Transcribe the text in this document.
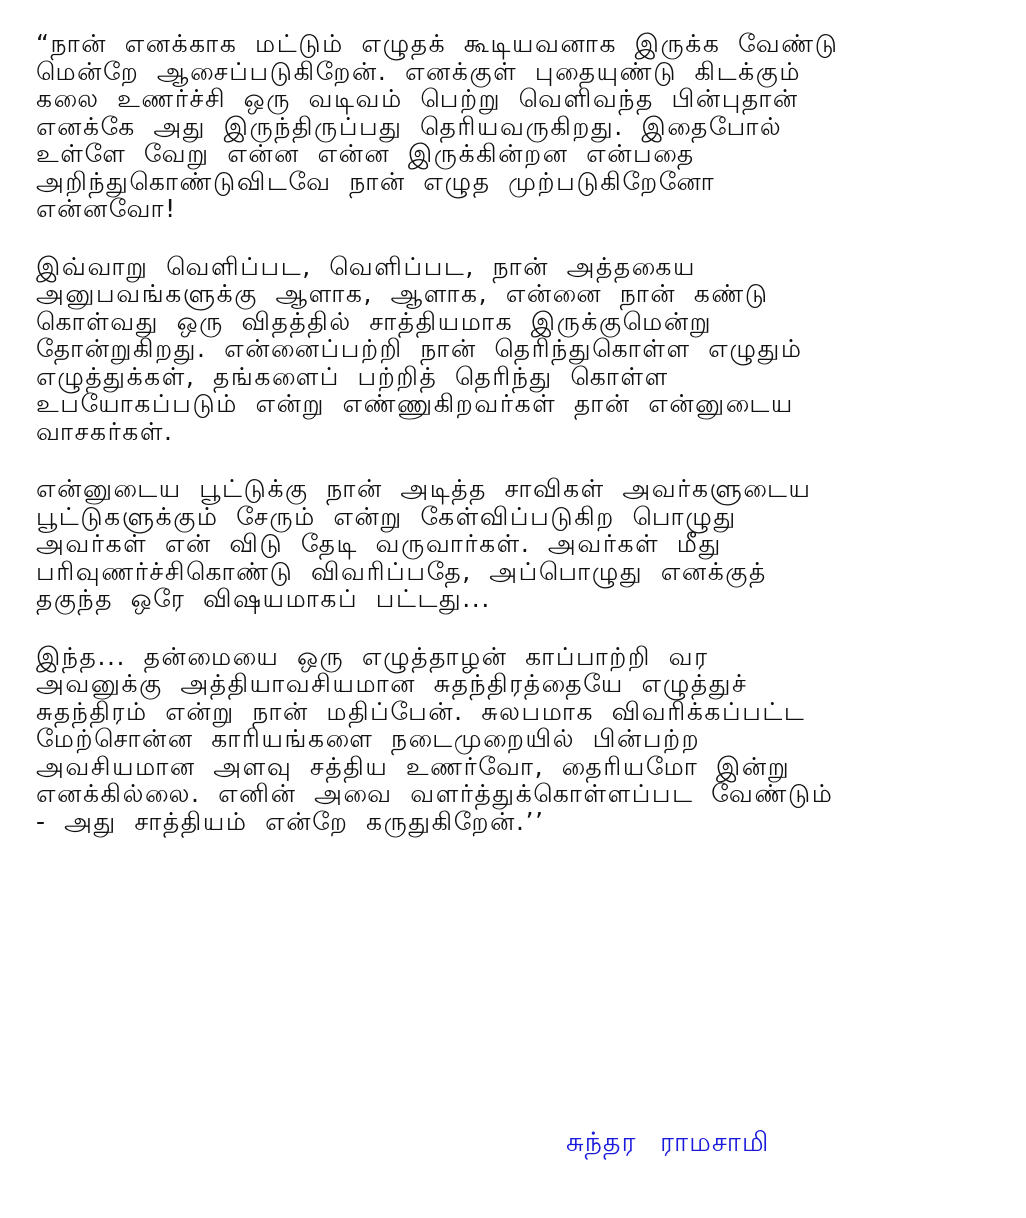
“நான் எனக்காக மட்டும் எழுதக் கூடியவனாக இருக்க வேண்டு
மென்றே ஆசைப்படுகிறேன். எனக்குள் புதையுண்டு கிடக்கும்
கலை உணர்ச்சி ஒரு வடிவம் பெற்று வெளிவந்த பின்புதான்
எனக்கே அது இருந்திருப்பது தெரியவருகிறது. இதைபோல்
உள்ளே வேறு என்ன என்ன இருக்கின்றன என்பதை
அறிந்துகொண்டுவிடவே நான் எழுத முற்படுகிறேனோ
என்னவோ!
இவ்வாறு வெளிப்பட, வெளிப்பட, நான் அத்தகைய
அனுபவங்களுக்கு ஆளாக, ஆளாக, என்னை நான் கண்டு
கொள்வது ஒரு விதத்தில் சாத்தியமாக இருக்குமென்று
தோன்றுகிறது. என்னைப்பற்றி நான் தெரிந்துகொள்ள எழுதும்
எழுத்துக்கள், தங்களைப் பற்றித் தெரிந்து கொள்ள
உபயோகப்படும் என்று எண்ணுகிறவர்கள் தான் என்னுடைய
வாசகர்கள்.
என்னுடைய பூட்டுக்கு நான் அடித்த சாவிகள் அவர்களுடைய
பூட்டுகளுக்கும் சேரும் என்று கேள்விப்படுகிற பொழுது
அவர்கள் என் விடு தேடி வருவார்கள். அவர்கள் மீது
பரிவுணர்ச்சிகொண்டு விவரிப்பதே, அப்பொழுது எனக்குத்
தகுந்த ஒரே விஷயமாகப் பட்டது...
இந்த... தன்மையை ஒரு எழுத்தாழன் காப்பாற்றி வர
அவனுக்கு அத்தியாவசியமான சுதந்திரத்தையே எழுத்துச்
சுதந்திரம் என்று நான் மதிப்பேன். சுலபமாக விவரிக்கப்பட்ட
மேற்சொன்ன காரியங்களை நடைமுறையில் பின்பற்ற
அவசியமான அளவு சத்திய உணர்வோ, தைரியமோ இன்று
எனக்கில்லை. எனின் அவை வளர்த்துக்கொள்ளப்பட வேண்டும்
- அது சாத்தியம் என்றே கருதுகிறேன்.’’
சுந்தர ராமசாமி
